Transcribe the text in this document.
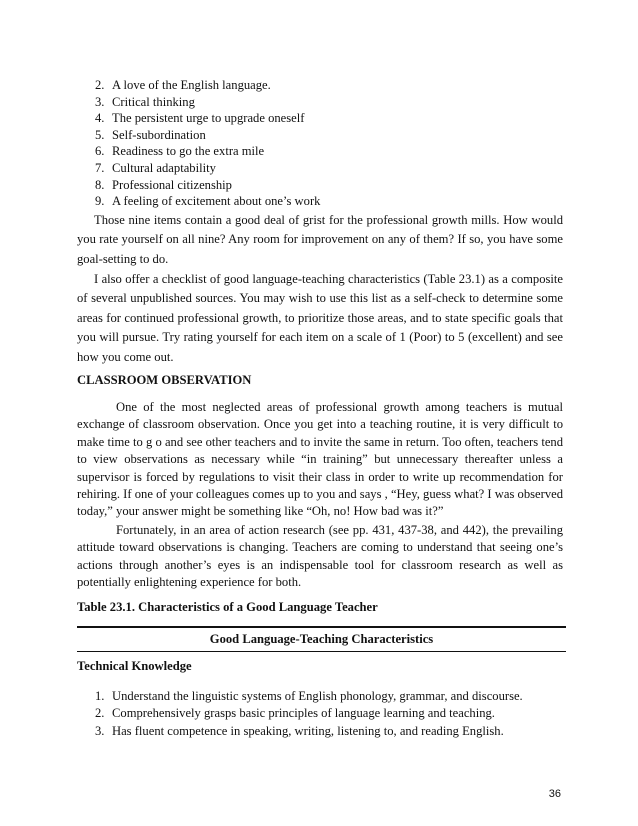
2. A love of the English language.
3. Critical thinking
4. The persistent urge to upgrade oneself
5. Self-subordination
6. Readiness to go the extra mile
7. Cultural adaptability
8. Professional citizenship
9. A feeling of excitement about one’s work

Those nine items contain a good deal of grist for the professional growth mills. How would you rate yourself on all nine? Any room for improvement on any of them? If so, you have some goal-setting to do.

I also offer a checklist of good language-teaching characteristics (Table 23.1) as a composite of several unpublished sources. You may wish to use this list as a self-check to determine some areas for continued professional growth, to prioritize those areas, and to state specific goals that you will pursue. Try rating yourself for each item on a scale of 1 (Poor) to 5 (excellent) and see how you come out.

CLASSROOM OBSERVATION

One of the most neglected areas of professional growth among teachers is mutual exchange of classroom observation. Once you get into a teaching routine, it is very difficult to make time to g o and see other teachers and to invite the same in return. Too often, teachers tend to view observations as necessary while “in training” but unnecessary thereafter unless a supervisor is forced by regulations to visit their class in order to write up recommendation for rehiring. If one of your colleagues comes up to you and says , “Hey, guess what? I was observed today,” your answer might be something like “Oh, no! How bad was it?”

Fortunately, in an area of action research (see pp. 431, 437-38, and 442), the prevailing attitude toward observations is changing. Teachers are coming to understand that seeing one’s actions through another’s eyes is an indispensable tool for classroom research as well as potentially enlightening experience for both.

Table 23.1. Characteristics of a Good Language Teacher
Good Language-Teaching Characteristics
Technical Knowledge
1. Understand the linguistic systems of English phonology, grammar, and discourse.
2. Comprehensively grasps basic principles of language learning and teaching.
3. Has fluent competence in speaking, writing, listening to, and reading English.
36
